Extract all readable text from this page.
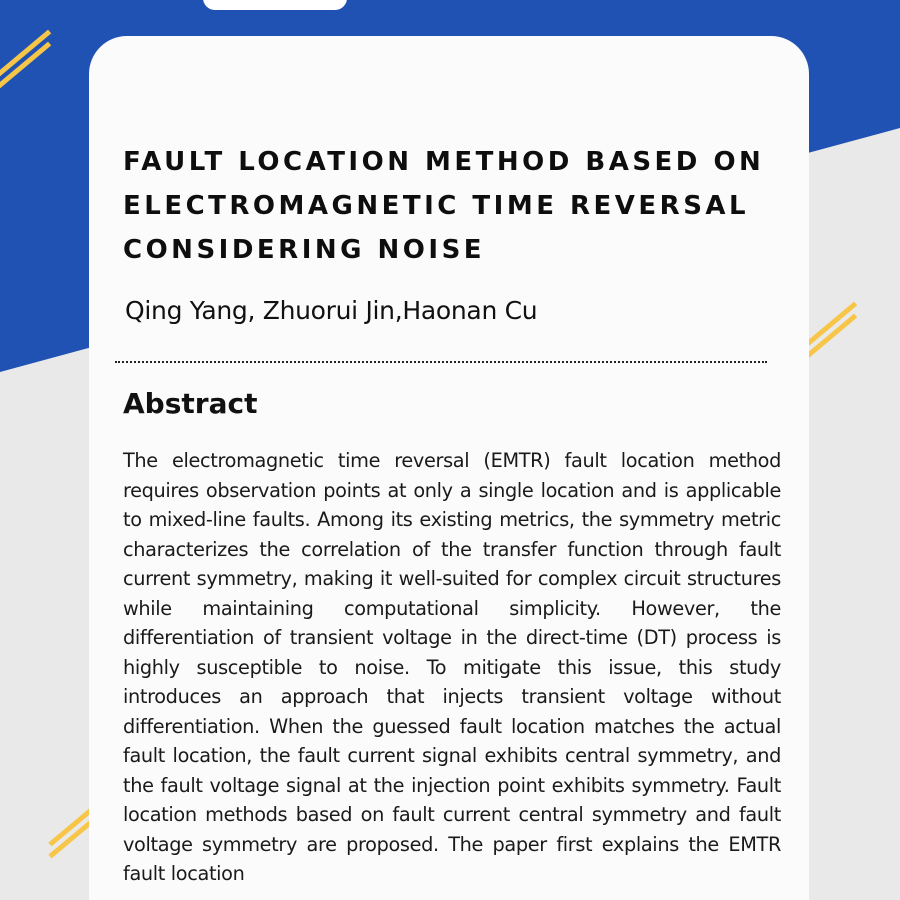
FAULT LOCATION METHOD BASED ON ELECTROMAGNETIC TIME REVERSAL CONSIDERING NOISE

Qing Yang, Zhuorui Jin,Haonan Cu

Abstract

The electromagnetic time reversal (EMTR) fault location method requires observation points at only a single location and is applicable to mixed-line faults. Among its existing metrics, the symmetry metric characterizes the correlation of the transfer function through fault current symmetry, making it well-suited for complex circuit structures while maintaining computational simplicity. However, the differentiation of transient voltage in the direct-time (DT) process is highly susceptible to noise. To mitigate this issue, this study introduces an approach that injects transient voltage without differentiation. When the guessed fault location matches the actual fault location, the fault current signal exhibits central symmetry, and the fault voltage signal at the injection point exhibits symmetry. Fault location methods based on fault current central symmetry and fault voltage symmetry are proposed. The paper first explains the EMTR fault location
